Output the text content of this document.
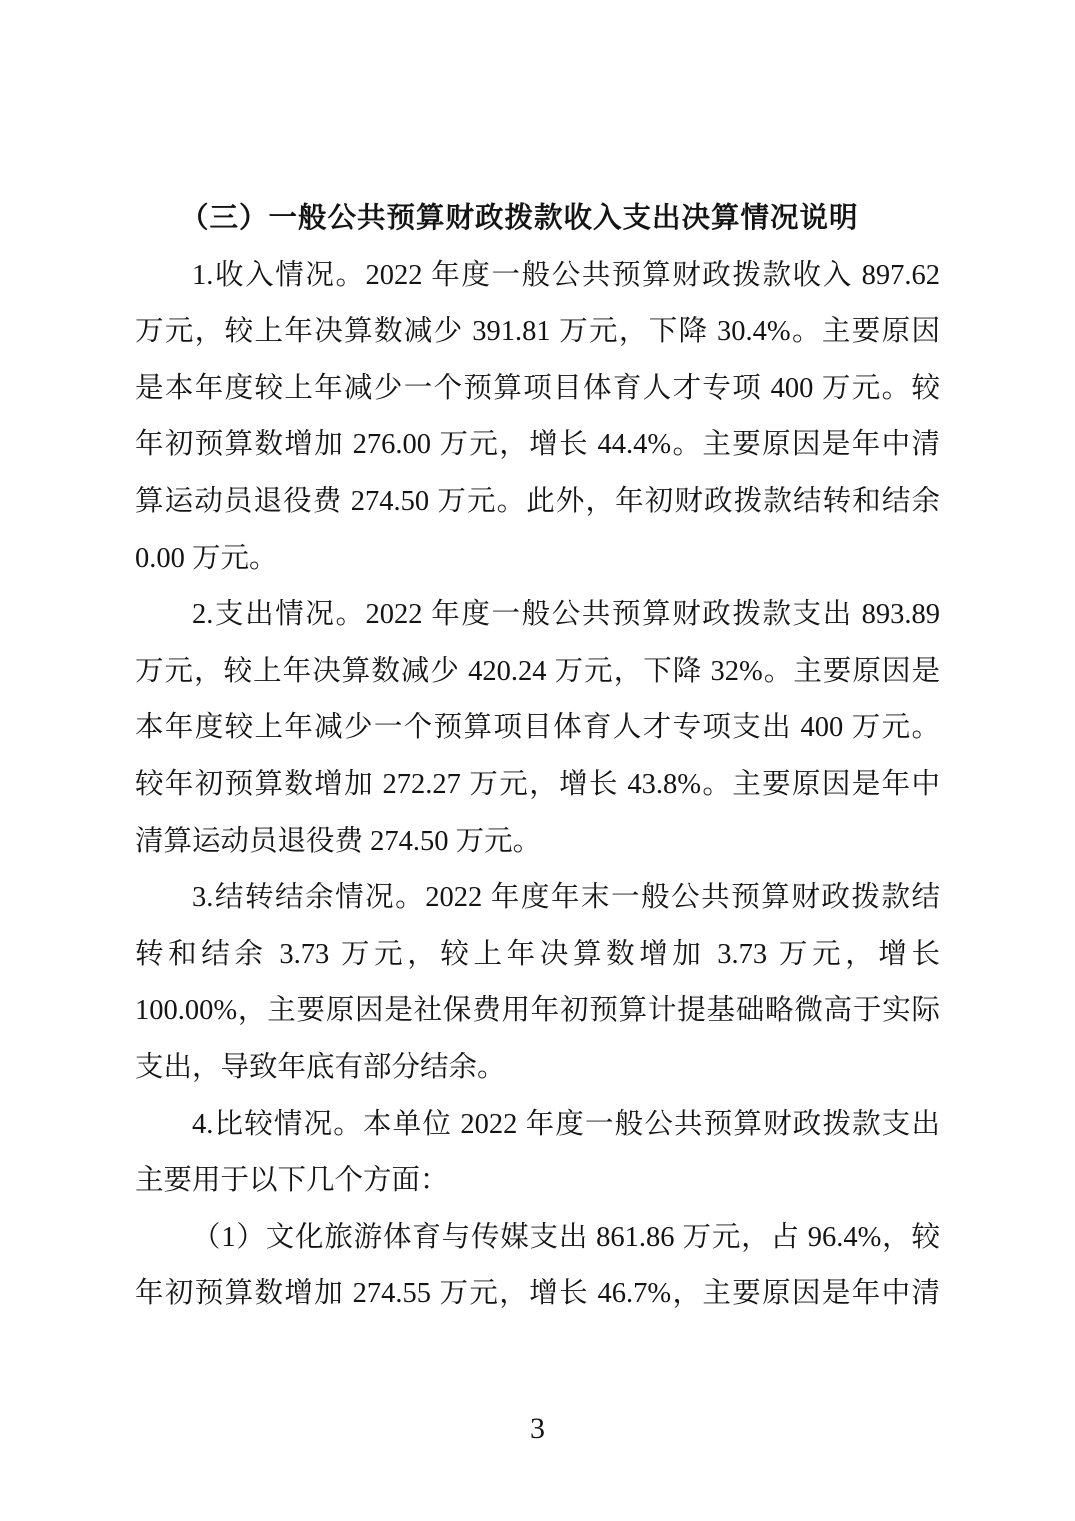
（三）一般公共预算财政拨款收入支出决算情况说明
1.收入情况。2022 年度一般公共预算财政拨款收入 897.62
万元，较上年决算数减少 391.81 万元，下降 30.4%。主要原因
是本年度较上年减少一个预算项目体育人才专项 400 万元。较
年初预算数增加 276.00 万元，增长 44.4%。主要原因是年中清
算运动员退役费 274.50 万元。此外，年初财政拨款结转和结余
0.00 万元。
2.支出情况。2022 年度一般公共预算财政拨款支出 893.89
万元，较上年决算数减少 420.24 万元，下降 32%。主要原因是
本年度较上年减少一个预算项目体育人才专项支出 400 万元。
较年初预算数增加 272.27 万元，增长 43.8%。主要原因是年中
清算运动员退役费 274.50 万元。
3.结转结余情况。2022 年度年末一般公共预算财政拨款结
转和结余 3.73 万元，较上年决算数增加 3.73 万元，增长
100.00%，主要原因是社保费用年初预算计提基础略微高于实际
支出，导致年底有部分结余。
4.比较情况。本单位 2022 年度一般公共预算财政拨款支出
主要用于以下几个方面：
（1）文化旅游体育与传媒支出 861.86 万元，占 96.4%，较
年初预算数增加 274.55 万元，增长 46.7%，主要原因是年中清
3
